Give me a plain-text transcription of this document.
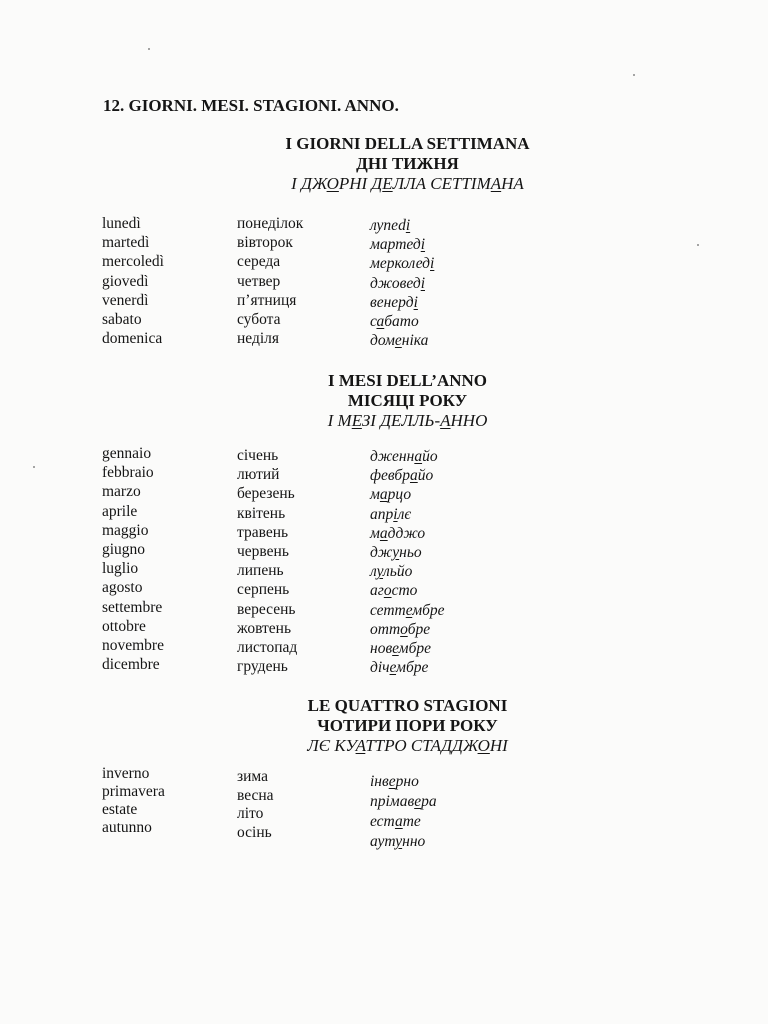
12. GIORNI. MESI. STAGIONI. ANNO.
I GIORNI DELLA SETTIMANA
ДНІ ТИЖНЯ
І ДЖОРНІ ДЕЛЛА СЕТТІМАНА
lunedì
martedì
mercoledì
giovedì
venerdì
sabato
domenica
понеділок
вівторок
середа
четвер
п’ятниця
субота
неділя
луnedі
мартеді
мерколеді
джоведі
венерді
сабато
доменіка
I MESI DELL’ANNO
МІСЯЦІ РОКУ
І МЕЗІ ДЕЛЛЬ-АННО
gennaio
febbraio
marzo
aprile
maggio
giugno
luglio
agosto
settembre
ottobre
novembre
dicembre
січень
лютий
березень
квітень
травень
червень
липень
серпень
вересень
жовтень
листопад
грудень
дженнайо
февбрайо
марцо
апрілє
мадджо
джуньо
лульйо
агосто
сеттембре
оттобре
новембре
дічембре
LE QUATTRO STAGIONI
ЧОТИРИ ПОРИ РОКУ
ЛЄ КУАТТРО СТАДДЖОНІ
inverno
primavera
estate
autunno
зима
весна
літо
осінь
інверно
прімавера
естате
аутунно
